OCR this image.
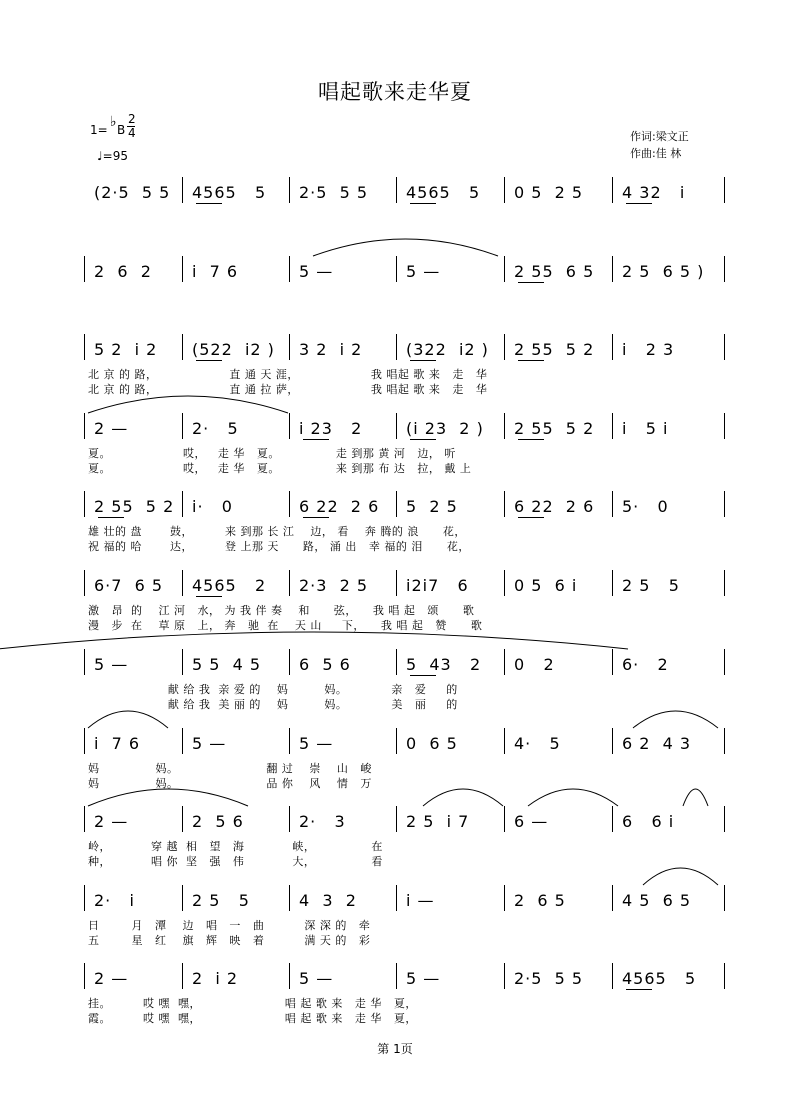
唱起歌来走华夏
1= ♭ B
2
4
♩=95
作词:梁文正
作曲:佳 林
(2·5  5 5 4565   5 2·5  5 5 4565   5 0 5  2 5 4 32   i
2  6  2	i  7 6	5 —	5 —	2 55  6 5 2 5  6 5 )
5 2  i 2 (522  i2 ) 3 2  i 2	(322  i2 ) 2 55  5 2 i   2 3
北 京 的 路，                  直 通 天 涯，                  我 唱起 歌 来   走   华
北 京 的 路，                  直 通 拉 萨，                  我 唱起 歌 来   走   华
2 —	2·   5	i 23   2	(i 23  2 ) 2 55  5 2 i   5 i
夏。                  哎，   走 华   夏。              走 到那 黄 河   边， 听
夏。                  哎，   走 华   夏。              来 到那 布 达   拉， 戴 上
2 55  5 2 i·   0	6 22  2 6 5  2 5	6 22  2 6 5·   0
雄 壮的 盘       鼓，        来 到那 长 江    边， 看    奔 腾的 浪      花，
祝 福的 哈       达，        登 上那 天      路， 涌 出   幸 福的 泪      花，
6·7  6 5 4565   2 2·3  2 5 i2i7   6	0 5  6 i	2 5   5
激   昂  的    江 河   水， 为 我 伴 奏    和      弦，    我 唱 起   颂      歌
漫   步  在    草 原   上， 奔   驰  在    天 山     下，    我 唱 起   赞      歌
5 —	5 5  4 5 6  5 6	5  43   2 0   2	6·   2
献 给 我  亲 爱 的    妈         妈。           亲   爱     的
献 给 我  美 丽 的    妈         妈。           美   丽     的
i  7 6	5 —	5 —	0  6 5	4·   5	6 2  4 3
妈              妈。                      翻 过    崇    山   峻
妈              妈。                      品 你    风    情   万
2 —	2  5 6	2·   3	2 5  i 7	6 —	6   6 i
岭，          穿 越  相   望   海            峡，              在
种，          唱 你  坚   强   伟            大，              看
2·   i	2 5   5	4  3  2	i —	2  6 5	4 5  6 5
日        月   潭    边   唱   一   曲          深 深 的   牵
五        星   红    旗   辉   映   着          满 天 的   彩
2 —	2  i 2	5 —	5 —	2·5  5 5 4565   5
挂。        哎 嘿  嘿，                     唱 起 歌 来   走 华   夏，
霞。        哎 嘿  嘿，                     唱 起 歌 来   走 华   夏，
第 1页
